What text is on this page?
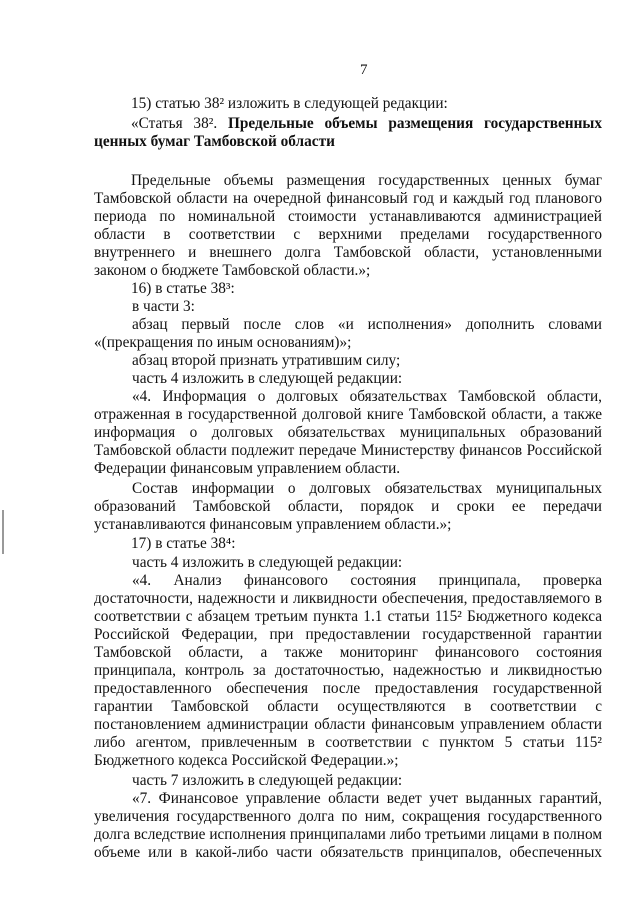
7
15) статью 38² изложить в следующей редакции:
«Статья 38². Предельные объемы размещения государственных
ценных бумаг Тамбовской области
Предельные объемы размещения государственных ценных бумаг
Тамбовской области на очередной финансовый год и каждый год планового
периода по номинальной стоимости устанавливаются администрацией
области в соответствии с верхними пределами государственного
внутреннего и внешнего долга Тамбовской области, установленными
законом о бюджете Тамбовской области.»;
16) в статье 38³:
в части 3:
абзац первый после слов «и исполнения» дополнить словами
«(прекращения по иным основаниям)»;
абзац второй признать утратившим силу;
часть 4 изложить в следующей редакции:
«4. Информация о долговых обязательствах Тамбовской области,
отраженная в государственной долговой книге Тамбовской области, а также
информация о долговых обязательствах муниципальных образований
Тамбовской области подлежит передаче Министерству финансов Российской
Федерации финансовым управлением области.
Состав информации о долговых обязательствах муниципальных
образований Тамбовской области, порядок и сроки ее передачи
устанавливаются финансовым управлением области.»;
17) в статье 38⁴:
часть 4 изложить в следующей редакции:
«4. Анализ финансового состояния принципала, проверка
достаточности, надежности и ликвидности обеспечения, предоставляемого в
соответствии с абзацем третьим пункта 1.1 статьи 115² Бюджетного кодекса
Российской Федерации, при предоставлении государственной гарантии
Тамбовской области, а также мониторинг финансового состояния
принципала, контроль за достаточностью, надежностью и ликвидностью
предоставленного обеспечения после предоставления государственной
гарантии Тамбовской области осуществляются в соответствии с
постановлением администрации области финансовым управлением области
либо агентом, привлеченным в соответствии с пунктом 5 статьи 115²
Бюджетного кодекса Российской Федерации.»;
часть 7 изложить в следующей редакции:
«7. Финансовое управление области ведет учет выданных гарантий,
увеличения государственного долга по ним, сокращения государственного
долга вследствие исполнения принципалами либо третьими лицами в полном
объеме или в какой-либо части обязательств принципалов, обеспеченных
